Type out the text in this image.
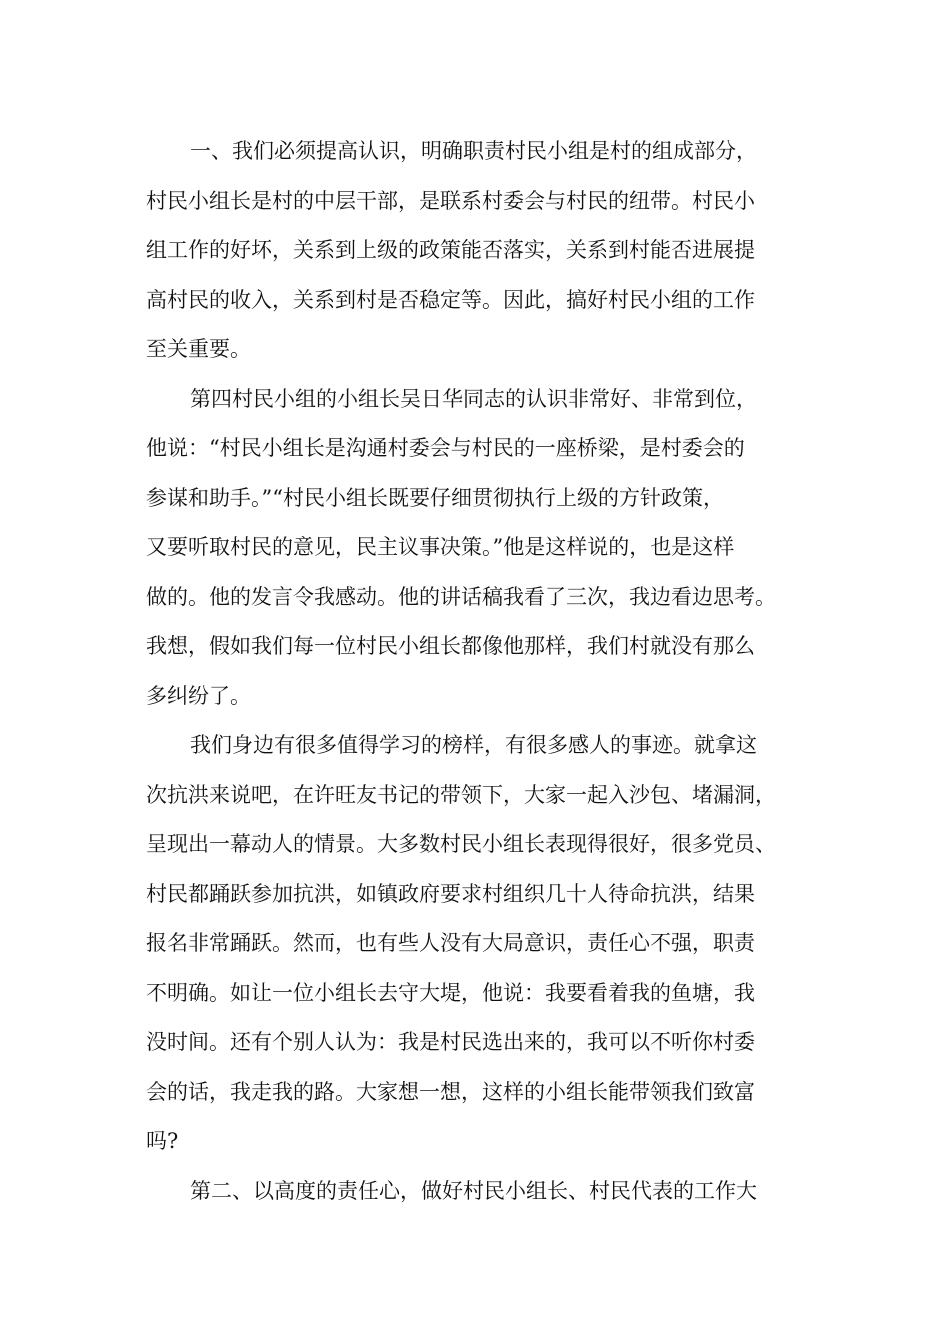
一、我们必须提高认识，明确职责村民小组是村的组成部分，
村民小组长是村的中层干部，是联系村委会与村民的纽带。村民小
组工作的好坏，关系到上级的政策能否落实，关系到村能否进展提
高村民的收入，关系到村是否稳定等。因此，搞好村民小组的工作
至关重要。
第四村民小组的小组长吴日华同志的认识非常好、非常到位，
他说：“村民小组长是沟通村委会与村民的一座桥梁，是村委会的
参谋和助手。”“村民小组长既要仔细贯彻执行上级的方针政策，
又要听取村民的意见，民主议事决策。”他是这样说的，也是这样
做的。他的发言令我感动。他的讲话稿我看了三次，我边看边思考。
我想，假如我们每一位村民小组长都像他那样，我们村就没有那么
多纠纷了。
我们身边有很多值得学习的榜样，有很多感人的事迹。就拿这
次抗洪来说吧，在许旺友书记的带领下，大家一起入沙包、堵漏洞，
呈现出一幕动人的情景。大多数村民小组长表现得很好，很多党员、
村民都踊跃参加抗洪，如镇政府要求村组织几十人待命抗洪，结果
报名非常踊跃。然而，也有些人没有大局意识，责任心不强，职责
不明确。如让一位小组长去守大堤，他说：我要看着我的鱼塘，我
没时间。还有个别人认为：我是村民选出来的，我可以不听你村委
会的话，我走我的路。大家想一想，这样的小组长能带领我们致富
吗?
第二、以高度的责任心，做好村民小组长、村民代表的工作大
